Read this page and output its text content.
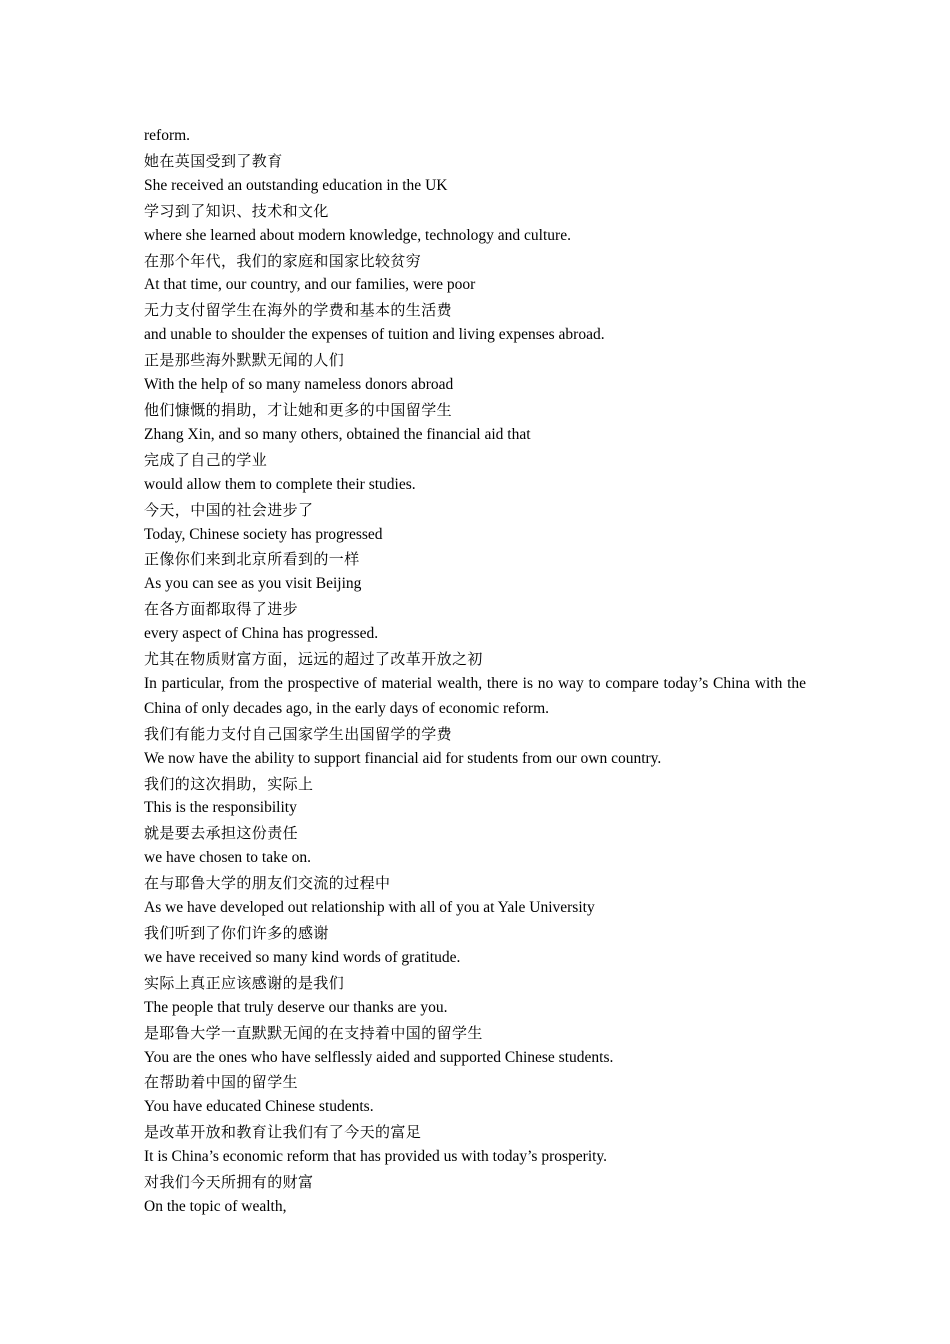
reform.

她在英国受到了教育

She received an outstanding education in the UK

学习到了知识、技术和文化

where she learned about modern knowledge, technology and culture.

在那个年代，我们的家庭和国家比较贫穷

At that time, our country, and our families, were poor

无力支付留学生在海外的学费和基本的生活费

and unable to shoulder the expenses of tuition and living expenses abroad.

正是那些海外默默无闻的人们

With the help of so many nameless donors abroad

他们慷慨的捐助，才让她和更多的中国留学生

Zhang Xin, and so many others, obtained the financial aid that

完成了自己的学业

would allow them to complete their studies.

今天，中国的社会进步了

Today, Chinese society has progressed

正像你们来到北京所看到的一样

As you can see as you visit Beijing

在各方面都取得了进步

every aspect of China has progressed.

尤其在物质财富方面，远远的超过了改革开放之初

In particular, from the prospective of material wealth, there is no way to compare today’s China with the China of only decades ago, in the early days of economic reform.

我们有能力支付自己国家学生出国留学的学费

We now have the ability to support financial aid for students from our own country.

我们的这次捐助，实际上

This is the responsibility

就是要去承担这份责任

we have chosen to take on.

在与耶鲁大学的朋友们交流的过程中

As we have developed out relationship with all of you at Yale University

我们听到了你们许多的感谢

we have received so many kind words of gratitude.

实际上真正应该感谢的是我们

The people that truly deserve our thanks are you.

是耶鲁大学一直默默无闻的在支持着中国的留学生

You are the ones who have selflessly aided and supported Chinese students.

在帮助着中国的留学生

You have educated Chinese students.

是改革开放和教育让我们有了今天的富足

It is China’s economic reform that has provided us with today’s prosperity.

对我们今天所拥有的财富

On the topic of wealth,
